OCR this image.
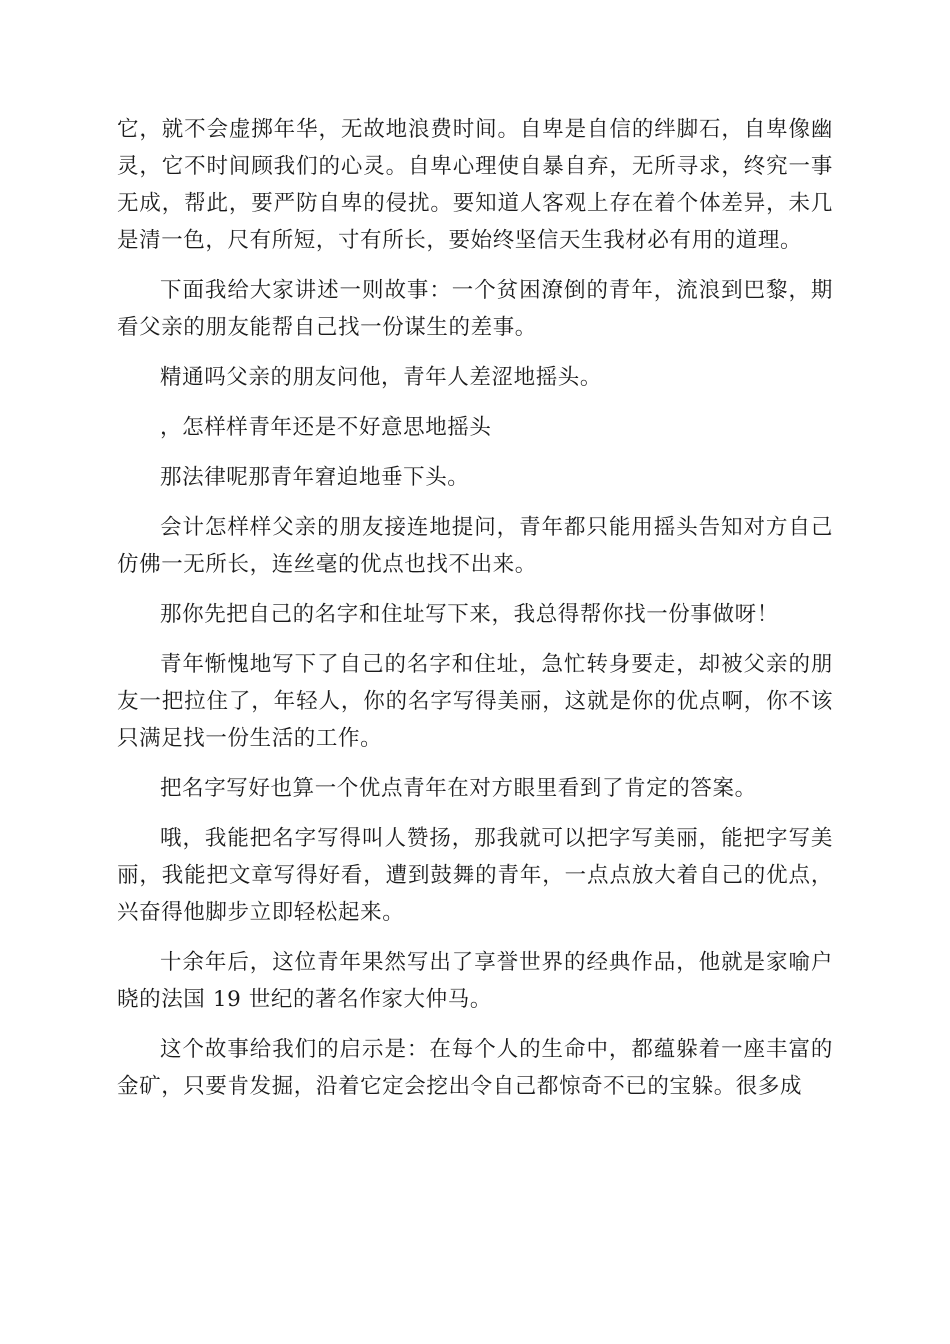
它，就不会虚掷年华，无故地浪费时间。自卑是自信的绊脚石，自卑像幽灵，它不时间顾我们的心灵。自卑心理使自暴自弃，无所寻求，终究一事无成，帮此，要严防自卑的侵扰。要知道人客观上存在着个体差异，未几是清一色，尺有所短，寸有所长，要始终坚信天生我材必有用的道理。

下面我给大家讲述一则故事：一个贫困潦倒的青年，流浪到巴黎，期看父亲的朋友能帮自己找一份谋生的差事。

精通吗父亲的朋友问他，青年人差涩地摇头。

，怎样样青年还是不好意思地摇头

那法律呢那青年窘迫地垂下头。

会计怎样样父亲的朋友接连地提问，青年都只能用摇头告知对方自己仿佛一无所长，连丝毫的优点也找不出来。

那你先把自己的名字和住址写下来，我总得帮你找一份事做呀！

青年惭愧地写下了自己的名字和住址，急忙转身要走，却被父亲的朋友一把拉住了，年轻人，你的名字写得美丽，这就是你的优点啊，你不该只满足找一份生活的工作。

把名字写好也算一个优点青年在对方眼里看到了肯定的答案。

哦，我能把名字写得叫人赞扬，那我就可以把字写美丽，能把字写美丽，我能把文章写得好看，遭到鼓舞的青年，一点点放大着自己的优点，兴奋得他脚步立即轻松起来。

十余年后，这位青年果然写出了享誉世界的经典作品，他就是家喻户晓的法国 19 世纪的著名作家大仲马。

这个故事给我们的启示是：在每个人的生命中，都蕴躲着一座丰富的金矿，只要肯发掘，沿着它定会挖出令自己都惊奇不已的宝躲。很多成
